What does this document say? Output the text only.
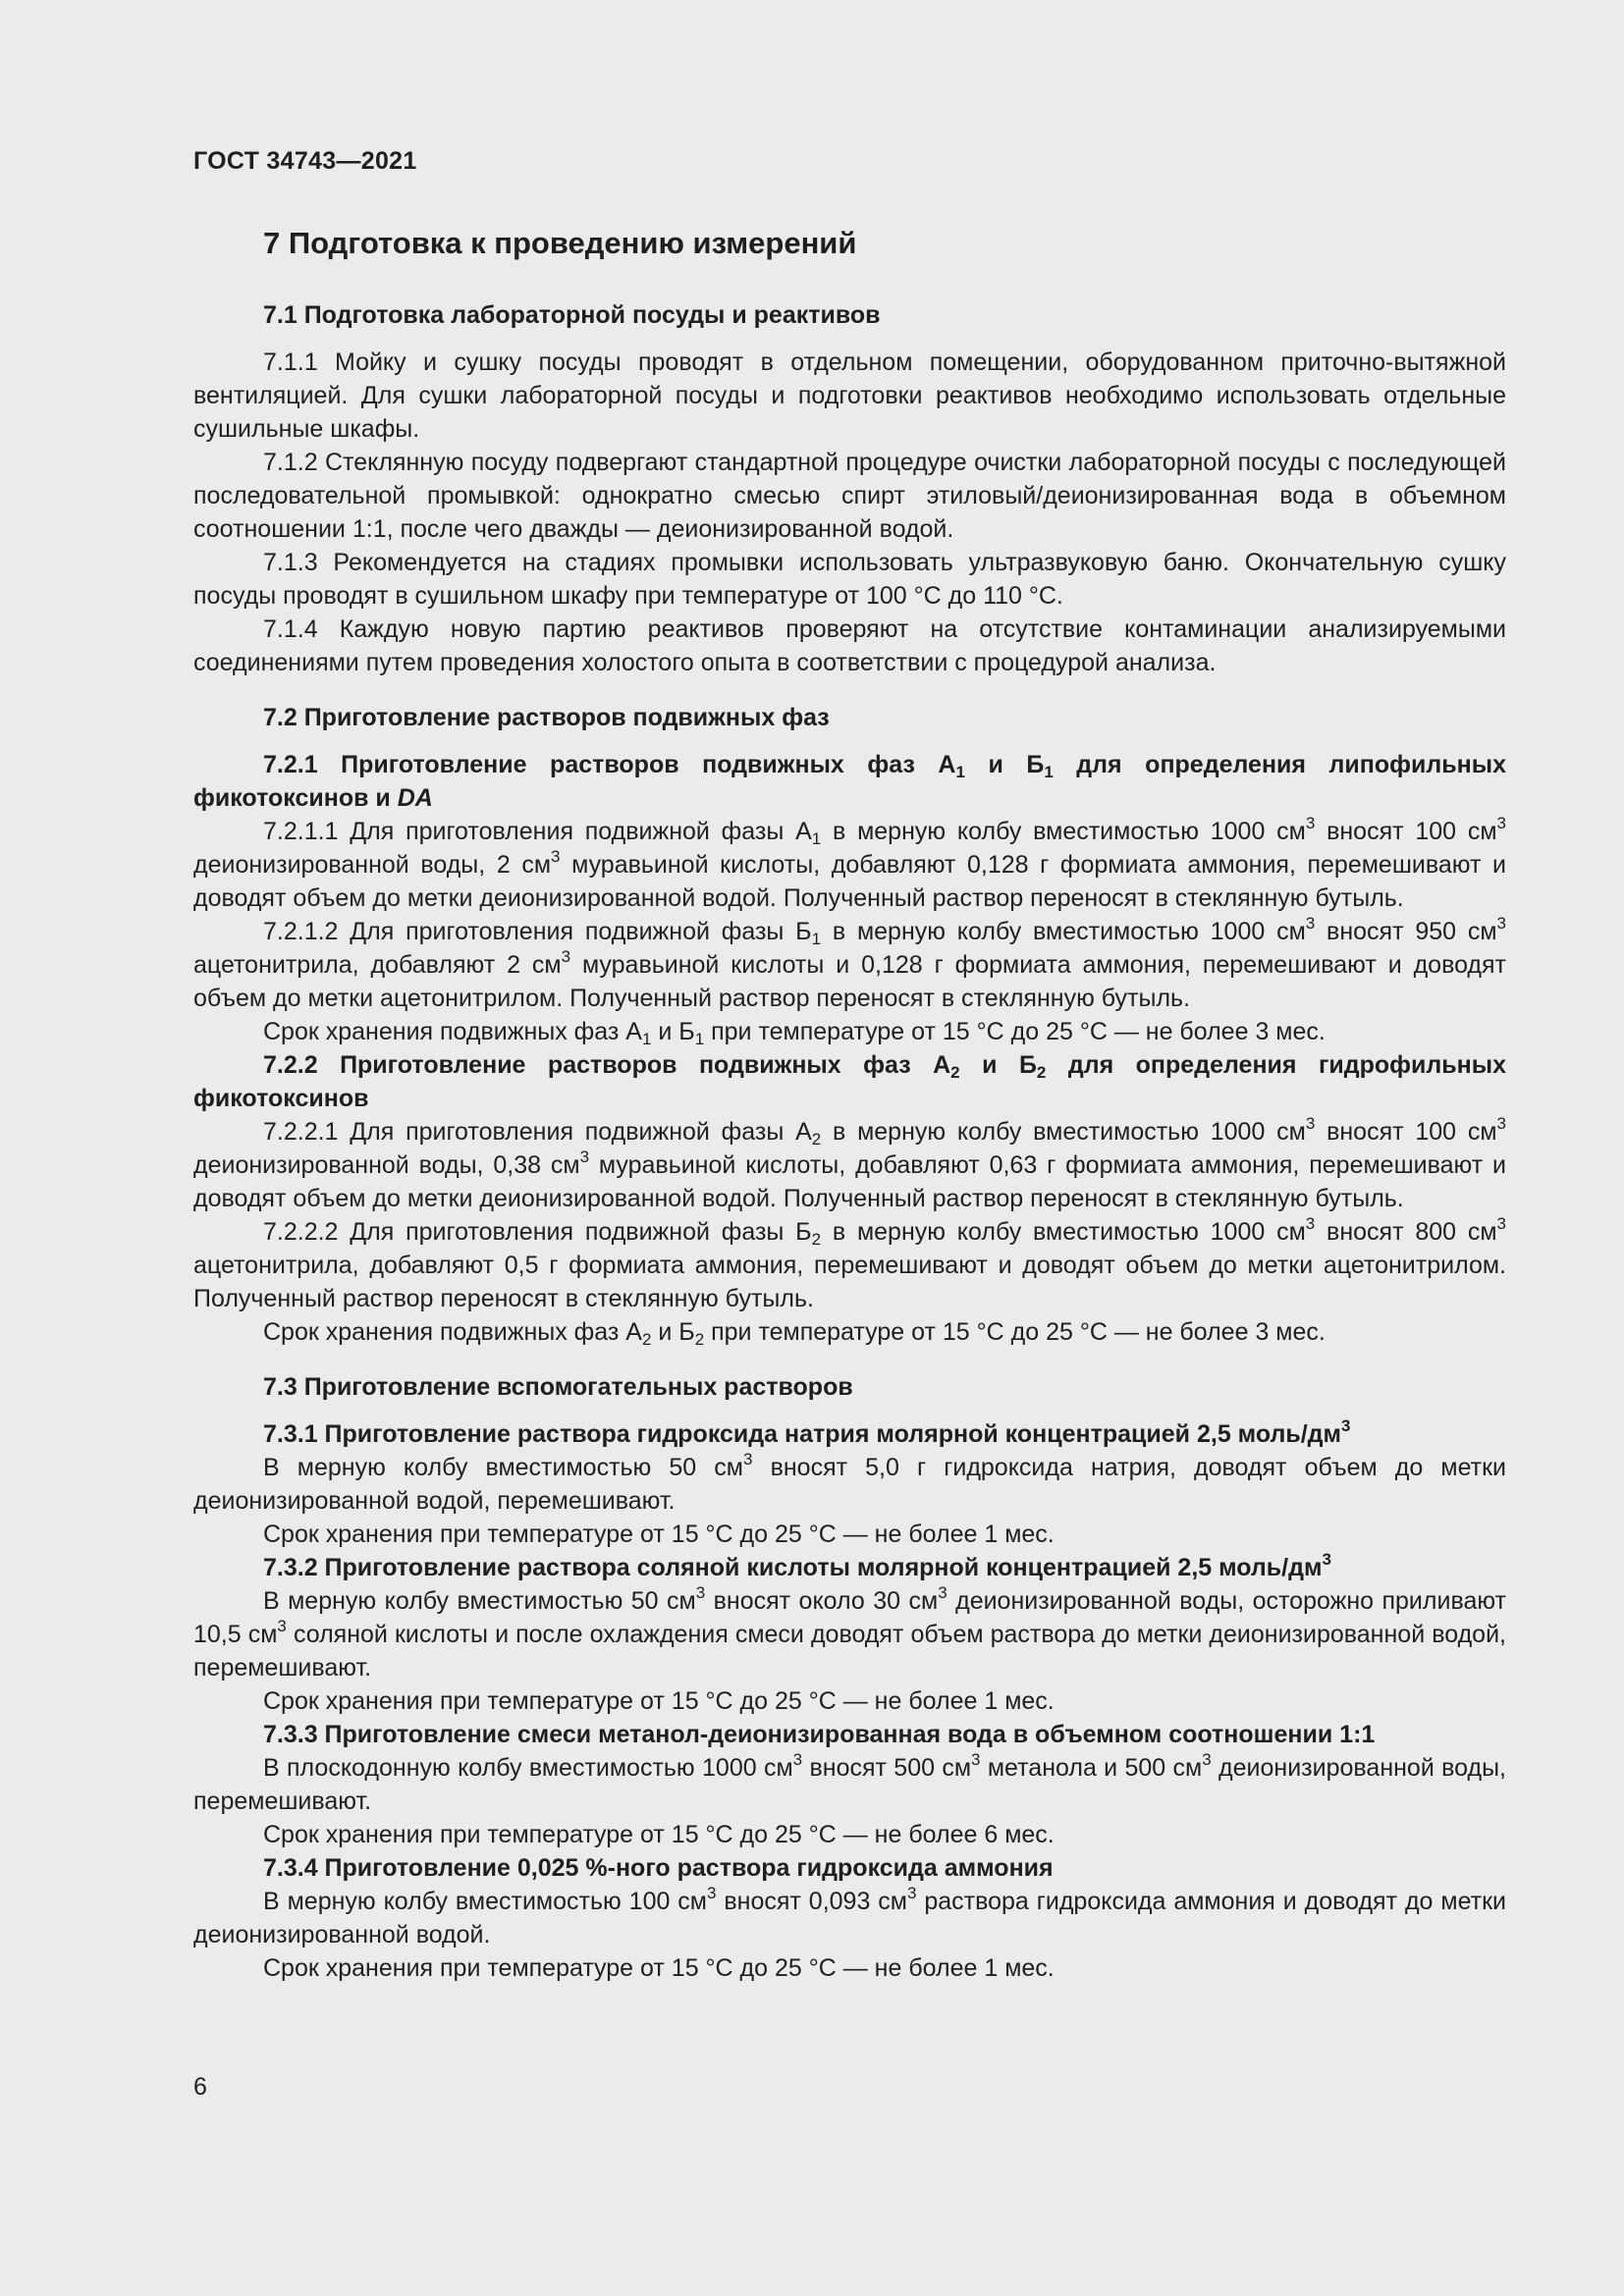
ГОСТ 34743—2021
7 Подготовка к проведению измерений
7.1 Подготовка лабораторной посуды и реактивов

7.1.1 Мойку и сушку посуды проводят в отдельном помещении, оборудованном приточно-вытяжной вентиляцией. Для сушки лабораторной посуды и подготовки реактивов необходимо использовать отдельные сушильные шкафы.

7.1.2 Стеклянную посуду подвергают стандартной процедуре очистки лабораторной посуды с последующей последовательной промывкой: однократно смесью спирт этиловый/деионизированная вода в объемном соотношении 1:1, после чего дважды — деионизированной водой.

7.1.3 Рекомендуется на стадиях промывки использовать ультразвуковую баню. Окончательную сушку посуды проводят в сушильном шкафу при температуре от 100 °С до 110 °С.

7.1.4 Каждую новую партию реактивов проверяют на отсутствие контаминации анализируемыми соединениями путем проведения холостого опыта в соответствии с процедурой анализа.

7.2 Приготовление растворов подвижных фаз

7.2.1 Приготовление растворов подвижных фаз $А_1$ и $Б_1$ для определения липофильных фикотоксинов и DA

7.2.1.1 Для приготовления подвижной фазы $А_1$ в мерную колбу вместимостью 1000 $см^3$ вносят 100 $см^3$ деионизированной воды, 2 $см^3$ муравьиной кислоты, добавляют 0,128 г формиата аммония, перемешивают и доводят объем до метки деионизированной водой. Полученный раствор переносят в стеклянную бутыль.

7.2.1.2 Для приготовления подвижной фазы $Б_1$ в мерную колбу вместимостью 1000 $см^3$ вносят 950 $см^3$ ацетонитрила, добавляют 2 $см^3$ муравьиной кислоты и 0,128 г формиата аммония, перемешивают и доводят объем до метки ацетонитрилом. Полученный раствор переносят в стеклянную бутыль.

Срок хранения подвижных фаз $А_1$ и $Б_1$ при температуре от 15 °С до 25 °С — не более 3 мес.

7.2.2 Приготовление растворов подвижных фаз $А_2$ и $Б_2$ для определения гидрофильных фикотоксинов

7.2.2.1 Для приготовления подвижной фазы $А_2$ в мерную колбу вместимостью 1000 $см^3$ вносят 100 $см^3$ деионизированной воды, 0,38 $см^3$ муравьиной кислоты, добавляют 0,63 г формиата аммония, перемешивают и доводят объем до метки деионизированной водой. Полученный раствор переносят в стеклянную бутыль.

7.2.2.2 Для приготовления подвижной фазы $Б_2$ в мерную колбу вместимостью 1000 $см^3$ вносят 800 $см^3$ ацетонитрила, добавляют 0,5 г формиата аммония, перемешивают и доводят объем до метки ацетонитрилом. Полученный раствор переносят в стеклянную бутыль.

Срок хранения подвижных фаз $А_2$ и $Б_2$ при температуре от 15 °С до 25 °С — не более 3 мес.

7.3 Приготовление вспомогательных растворов

7.3.1 Приготовление раствора гидроксида натрия молярной концентрацией 2,5 моль/$дм^3$

В мерную колбу вместимостью 50 $см^3$ вносят 5,0 г гидроксида натрия, доводят объем до метки деионизированной водой, перемешивают.

Срок хранения при температуре от 15 °С до 25 °С — не более 1 мес.

7.3.2 Приготовление раствора соляной кислоты молярной концентрацией 2,5 моль/$дм^3$

В мерную колбу вместимостью 50 $см^3$ вносят около 30 $см^3$ деионизированной воды, осторожно приливают 10,5 $см^3$ соляной кислоты и после охлаждения смеси доводят объем раствора до метки деионизированной водой, перемешивают.

Срок хранения при температуре от 15 °С до 25 °С — не более 1 мес.

7.3.3 Приготовление смеси метанол-деионизированная вода в объемном соотношении 1:1

В плоскодонную колбу вместимостью 1000 $см^3$ вносят 500 $см^3$ метанола и 500 $см^3$ деионизированной воды, перемешивают.

Срок хранения при температуре от 15 °С до 25 °С — не более 6 мес.

7.3.4 Приготовление 0,025 %-ного раствора гидроксида аммония

В мерную колбу вместимостью 100 $см^3$ вносят 0,093 $см^3$ раствора гидроксида аммония и доводят до метки деионизированной водой.

Срок хранения при температуре от 15 °С до 25 °С — не более 1 мес.

6
